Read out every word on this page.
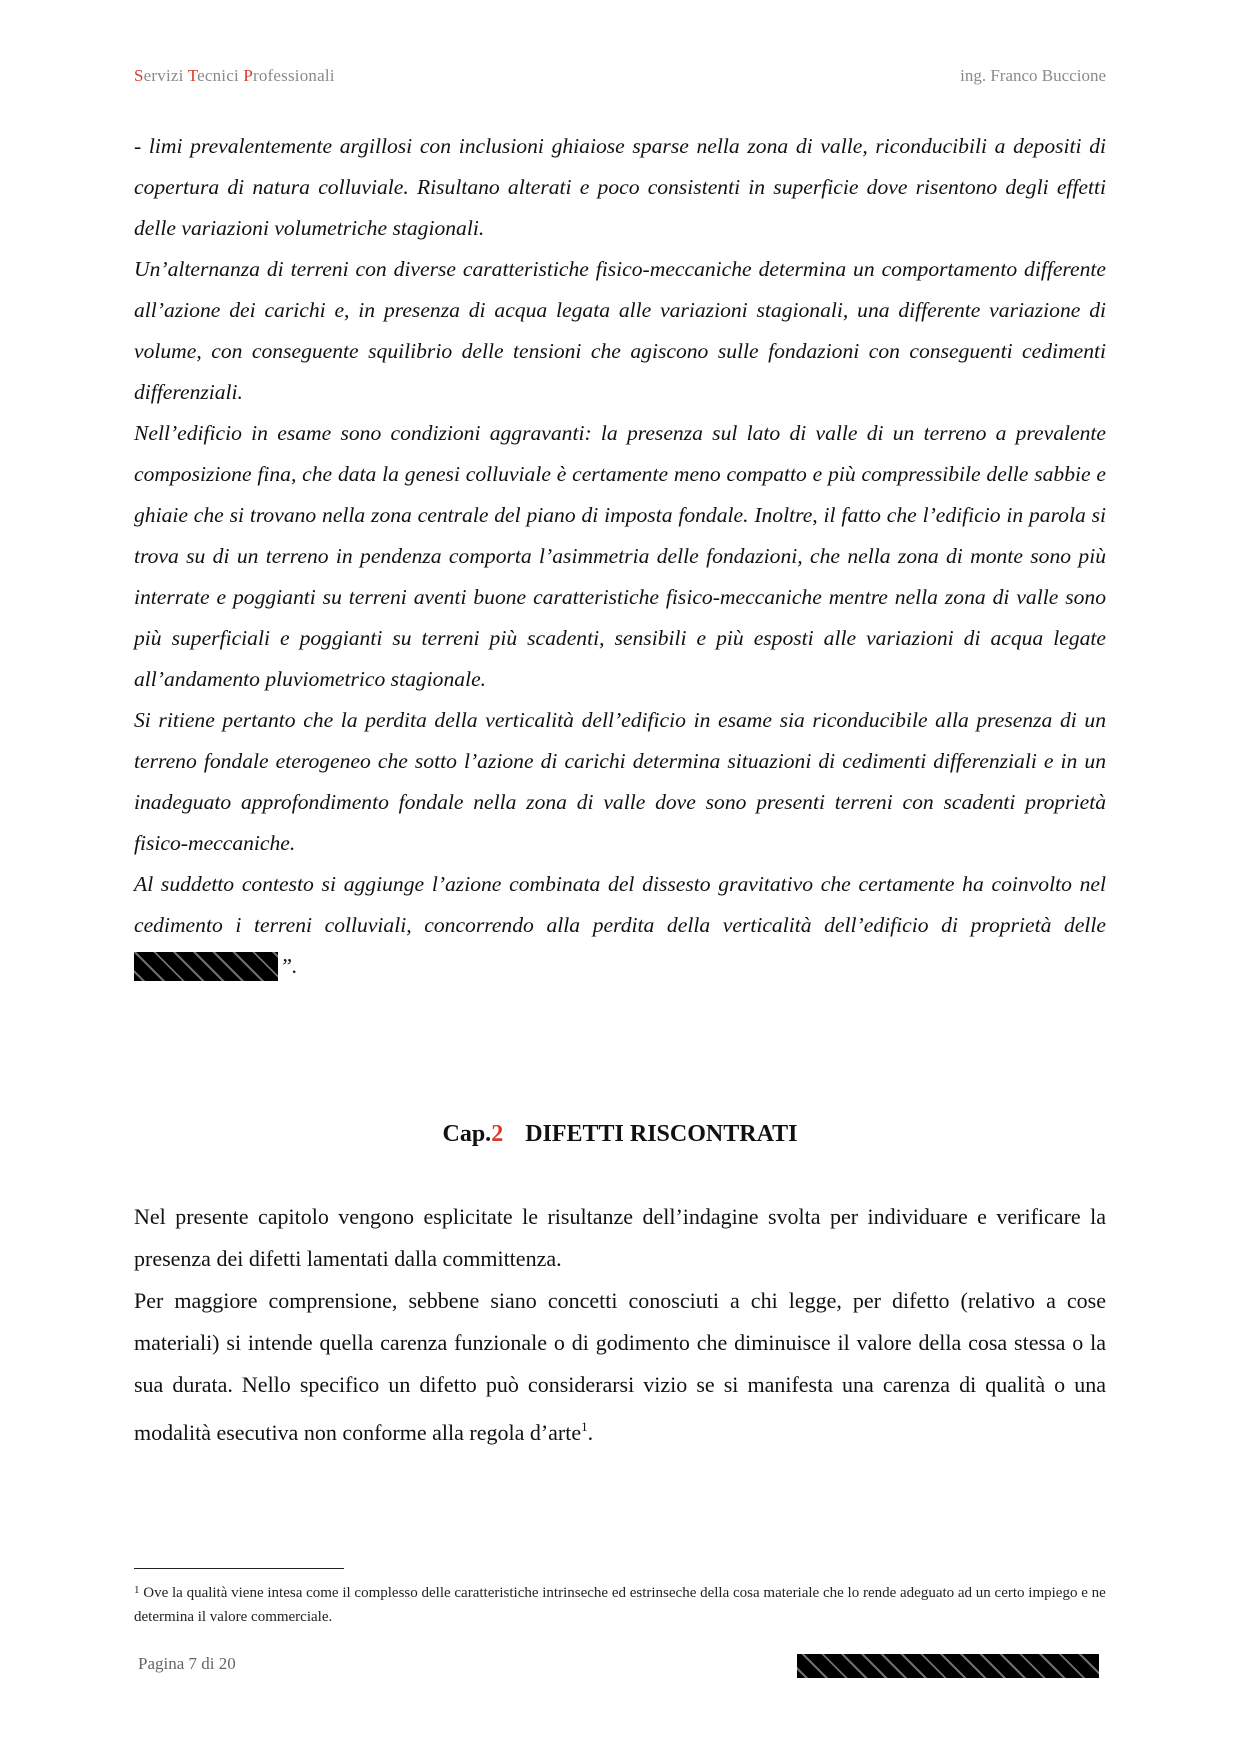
Servizi Tecnici Professionali	ing. Franco Buccione

- limi prevalentemente argillosi con inclusioni ghiaiose sparse nella zona di valle, riconducibili a depositi di copertura di natura colluviale. Risultano alterati e poco consistenti in superficie dove risentono degli effetti delle variazioni volumetriche stagionali.

Un’alternanza di terreni con diverse caratteristiche fisico-meccaniche determina un comportamento differente all’azione dei carichi e, in presenza di acqua legata alle variazioni stagionali, una differente variazione di volume, con conseguente squilibrio delle tensioni che agiscono sulle fondazioni con conseguenti cedimenti differenziali.

Nell’edificio in esame sono condizioni aggravanti: la presenza sul lato di valle di un terreno a prevalente composizione fina, che data la genesi colluviale è certamente meno compatto e più compressibile delle sabbie e ghiaie che si trovano nella zona centrale del piano di imposta fondale. Inoltre, il fatto che l’edificio in parola si trova su di un terreno in pendenza comporta l’asimmetria delle fondazioni, che nella zona di monte sono più interrate e poggianti su terreni aventi buone caratteristiche fisico-meccaniche mentre nella zona di valle sono più superficiali e poggianti su terreni più scadenti, sensibili e più esposti alle variazioni di acqua legate all’andamento pluviometrico stagionale.

Si ritiene pertanto che la perdita della verticalità dell’edificio in esame sia riconducibile alla presenza di un terreno fondale eterogeneo che sotto l’azione di carichi determina situazioni di cedimenti differenziali e in un inadeguato approfondimento fondale nella zona di valle dove sono presenti terreni con scadenti proprietà fisico-meccaniche.

Al suddetto contesto si aggiunge l’azione combinata del dissesto gravitativo che certamente ha coinvolto nel cedimento i terreni colluviali, concorrendo alla perdita della verticalità dell’edificio di proprietà delle ”.

Cap.2 DIFETTI RISCONTRATI

Nel presente capitolo vengono esplicitate le risultanze dell’indagine svolta per individuare e verificare la presenza dei difetti lamentati dalla committenza.

Per maggiore comprensione, sebbene siano concetti conosciuti a chi legge, per difetto (relativo a cose materiali) si intende quella carenza funzionale o di godimento che diminuisce il valore della cosa stessa o la sua durata. Nello specifico un difetto può considerarsi vizio se si manifesta una carenza di qualità o una modalità esecutiva non conforme alla regola d’arte$^1$.

$^1$ Ove la qualità viene intesa come il complesso delle caratteristiche intrinseche ed estrinseche della cosa materiale che lo rende adeguato ad un certo impiego e ne determina il valore commerciale.
Pagina 7 di 20
